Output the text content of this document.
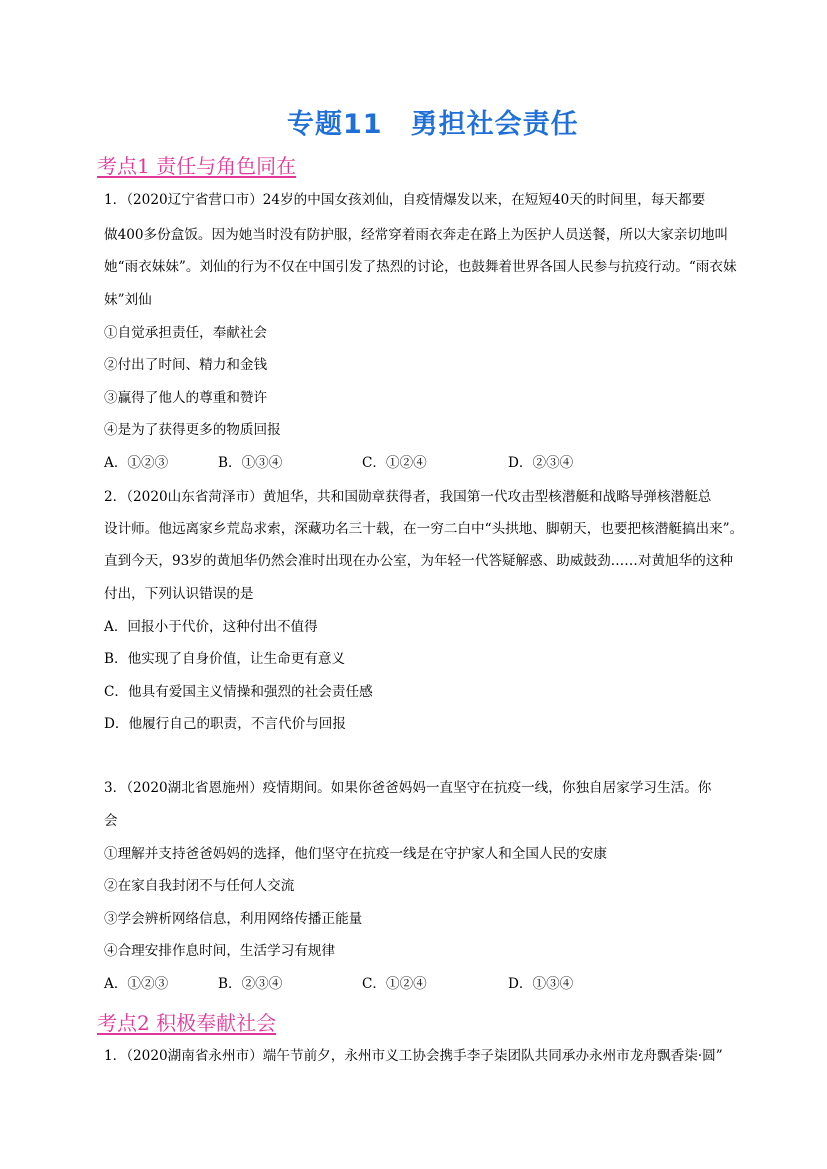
专题11　勇担社会责任
考点1 责任与角色同在
1．（2020辽宁省营口市）24岁的中国女孩刘仙，自疫情爆发以来，在短短40天的时间里，每天都要
做400多份盒饭。因为她当时没有防护服，经常穿着雨衣奔走在路上为医护人员送餐，所以大家亲切地叫
她“雨衣妹妹”。刘仙的行为不仅在中国引发了热烈的讨论，也鼓舞着世界各国人民参与抗疫行动。“雨衣妹
妹”刘仙
①自觉承担责任，奉献社会
②付出了时间、精力和金钱
③赢得了他人的尊重和赞许
④是为了获得更多的物质回报
A．①②③	B．①③④	C．①②④	D．②③④
2．（2020山东省菏泽市）黄旭华，共和国勋章获得者，我国第一代攻击型核潜艇和战略导弹核潜艇总
设计师。他远离家乡荒岛求索，深藏功名三十载，在一穷二白中“头拱地、脚朝天，也要把核潜艇搞出来”。
直到今天，93岁的黄旭华仍然会准时出现在办公室，为年轻一代答疑解惑、助威鼓劲……对黄旭华的这种
付出，下列认识错误的是
A．回报小于代价，这种付出不值得
B．他实现了自身价值，让生命更有意义
C．他具有爱国主义情操和强烈的社会责任感
D．他履行自己的职责，不言代价与回报
3．（2020湖北省恩施州）疫情期间。如果你爸爸妈妈一直坚守在抗疫一线，你独自居家学习生活。你
会
①理解并支持爸爸妈妈的选择，他们坚守在抗疫一线是在守护家人和全国人民的安康
②在家自我封闭不与任何人交流
③学会辨析网络信息，利用网络传播正能量
④合理安排作息时间，生活学习有规律
A．①②③	B．②③④	C．①②④	D．①③④
考点2 积极奉献社会
1．（2020湖南省永州市）端午节前夕，永州市义工协会携手李子柒团队共同承办永州市龙舟飘香柒·圆”
